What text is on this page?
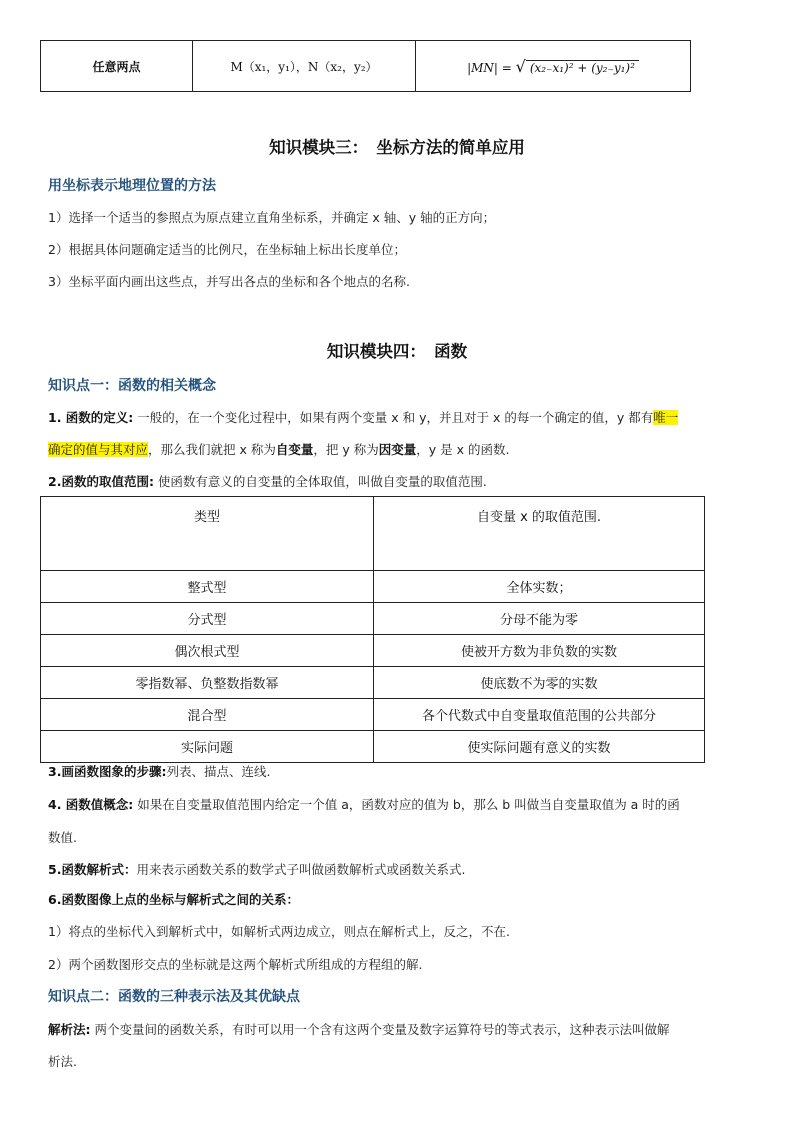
任意两点	M（x₁，y₁），N（x₂，y₂）	|MN| = √ (x₂₋x₁)² + (y₂₋y₁)²
知识模块三：　坐标方法的简单应用
用坐标表示地理位置的方法
1）选择一个适当的参照点为原点建立直角坐标系，并确定 x 轴、y 轴的正方向；
2）根据具体问题确定适当的比例尺，在坐标轴上标出长度单位；
3）坐标平面内画出这些点，并写出各点的坐标和各个地点的名称.
知识模块四：　函数
知识点一：函数的相关概念
1. 函数的定义: 一般的，在一个变化过程中，如果有两个变量 x 和 y，并且对于 x 的每一个确定的值，y 都有唯一
确定的值与其对应，那么我们就把 x 称为自变量，把 y 称为因变量，y 是 x 的函数.
2.函数的取值范围: 使函数有意义的自变量的全体取值，叫做自变量的取值范围.
类型	自变量 x 的取值范围.
整式型	全体实数；
分式型	分母不能为零
偶次根式型	使被开方数为非负数的实数
零指数幂、负整数指数幂	使底数不为零的实数
混合型	各个代数式中自变量取值范围的公共部分
实际问题	使实际问题有意义的实数
3.画函数图象的步骤:列表、描点、连线.
4. 函数值概念: 如果在自变量取值范围内给定一个值 a，函数对应的值为 b，那么 b 叫做当自变量取值为 a 时的函
数值.
5.函数解析式：用来表示函数关系的数学式子叫做函数解析式或函数关系式.
6.函数图像上点的坐标与解析式之间的关系：
1）将点的坐标代入到解析式中，如解析式两边成立，则点在解析式上，反之，不在.
2）两个函数图形交点的坐标就是这两个解析式所组成的方程组的解.
知识点二：函数的三种表示法及其优缺点
解析法: 两个变量间的函数关系，有时可以用一个含有这两个变量及数字运算符号的等式表示，这种表示法叫做解
析法.
